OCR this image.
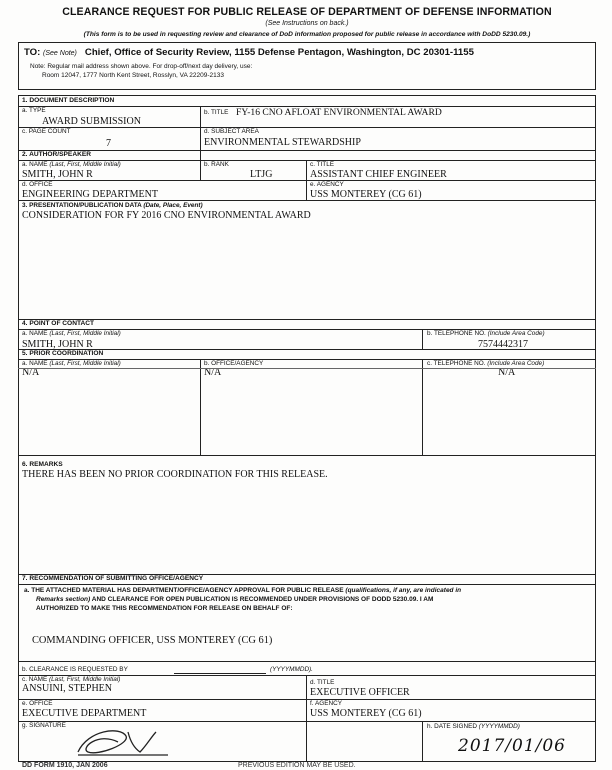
CLEARANCE REQUEST FOR PUBLIC RELEASE OF DEPARTMENT OF DEFENSE INFORMATION
(See Instructions on back.)
(This form is to be used in requesting review and clearance of DoD information proposed for public release in accordance with DoDD 5230.09.)
TO: (See Note) Chief, Office of Security Review, 1155 Defense Pentagon, Washington, DC 20301-1155
Note: Regular mail address shown above. For drop-off/next day delivery, use:
Room 12047, 1777 North Kent Street, Rosslyn, VA 22209-2133
1. DOCUMENT DESCRIPTION
a. TYPE
AWARD SUBMISSION
b. TITLE FY-16 CNO AFLOAT ENVIRONMENTAL AWARD
c. PAGE COUNT
7
d. SUBJECT AREA
ENVIRONMENTAL STEWARDSHIP
2. AUTHOR/SPEAKER
a. NAME (Last, First, Middle Initial)
SMITH, JOHN R
b. RANK
LTJG
c. TITLE
ASSISTANT CHIEF ENGINEER
d. OFFICE
ENGINEERING DEPARTMENT
e. AGENCY
USS MONTEREY (CG 61)
3. PRESENTATION/PUBLICATION DATA (Date, Place, Event)
CONSIDERATION FOR FY 2016 CNO ENVIRONMENTAL AWARD
4. POINT OF CONTACT
a. NAME (Last, First, Middle Initial)
SMITH, JOHN R
b. TELEPHONE NO. (Include Area Code)
7574442317
5. PRIOR COORDINATION
a. NAME (Last, First, Middle Initial)
N/A
b. OFFICE/AGENCY
N/A
c. TELEPHONE NO. (Include Area Code)
N/A
6. REMARKS
THERE HAS BEEN NO PRIOR COORDINATION FOR THIS RELEASE.
7. RECOMMENDATION OF SUBMITTING OFFICE/AGENCY
a. THE ATTACHED MATERIAL HAS DEPARTMENT/OFFICE/AGENCY APPROVAL FOR PUBLIC RELEASE (qualifications, if any, are indicated in
Remarks section) AND CLEARANCE FOR OPEN PUBLICATION IS RECOMMENDED UNDER PROVISIONS OF DODD 5230.09. I AM
AUTHORIZED TO MAKE THIS RECOMMENDATION FOR RELEASE ON BEHALF OF:
COMMANDING OFFICER, USS MONTEREY (CG 61)
b. CLEARANCE IS REQUESTED BY	(YYYYMMDD).
c. NAME (Last, First, Middle Initial)
ANSUINI, STEPHEN
d. TITLE
EXECUTIVE OFFICER
e. OFFICE
EXECUTIVE DEPARTMENT
f. AGENCY
USS MONTEREY (CG 61)
g. SIGNATURE	h. DATE SIGNED (YYYYMMDD)
2017/01/06
DD FORM 1910, JAN 2006	PREVIOUS EDITION MAY BE USED.
